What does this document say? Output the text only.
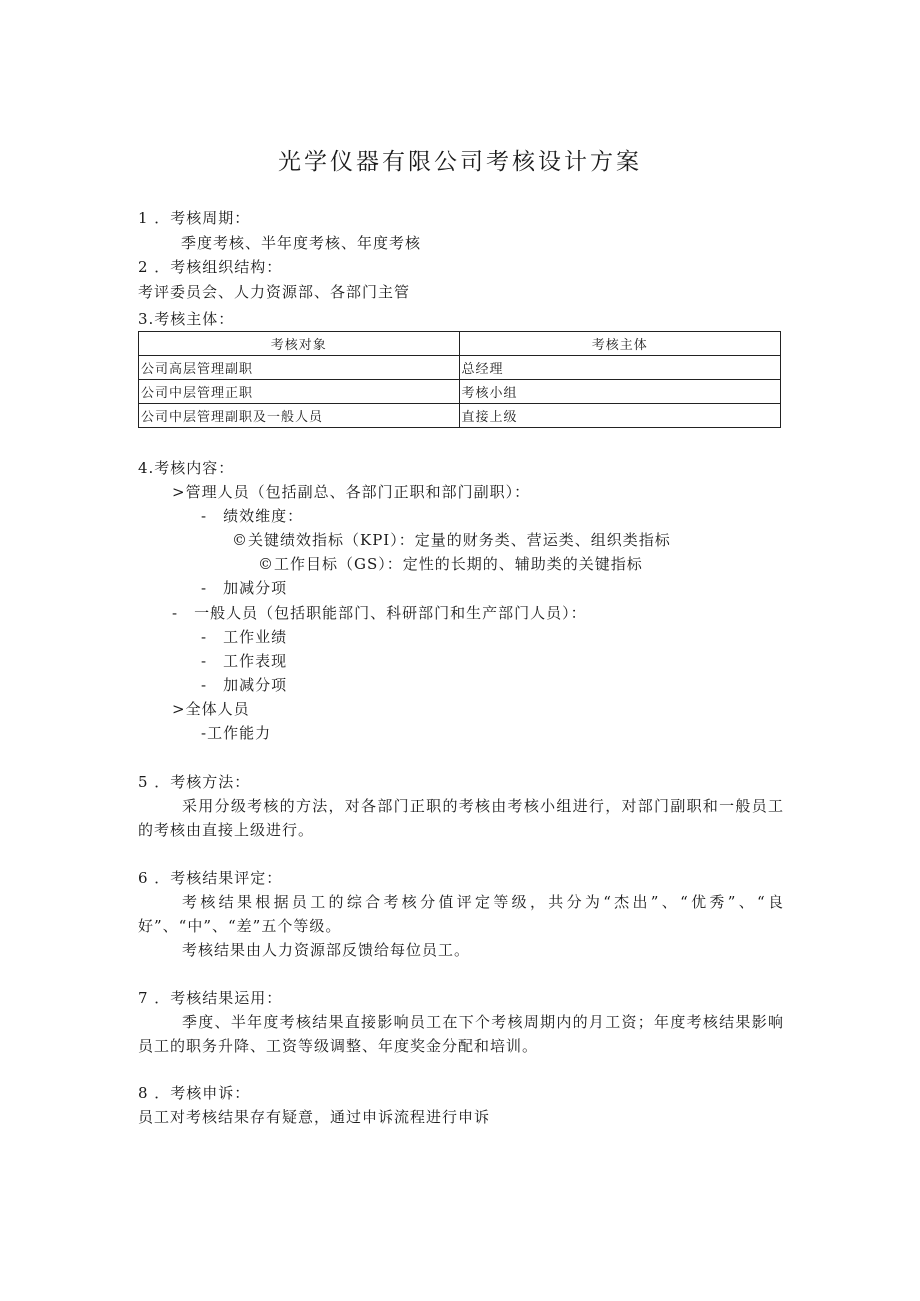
光学仪器有限公司考核设计方案
1 ．考核周期：
季度考核、半年度考核、年度考核
2 ．考核组织结构：
考评委员会、人力资源部、各部门主管
3.考核主体：
考核对象	考核主体
公司高层管理副职	总经理
公司中层管理正职	考核小组
公司中层管理副职及一般人员	直接上级
4.考核内容：
>管理人员（包括副总、各部门正职和部门副职）：
-　绩效维度：
©关键绩效指标（KPI）：定量的财务类、营运类、组织类指标
©工作目标（GS）：定性的长期的、辅助类的关键指标
-　加减分项
-　一般人员（包括职能部门、科研部门和生产部门人员）：
-　工作业绩
-　工作表现
-　加减分项
>全体人员
-工作能力
5 ．考核方法：
采用分级考核的方法，对各部门正职的考核由考核小组进行，对部门副职和一般员工的考核由直接上级进行。
6 ．考核结果评定：
考核结果根据员工的综合考核分值评定等级，共分为“杰出”、“优秀”、“良好”、“中”、“差”五个等级。
考核结果由人力资源部反馈给每位员工。
7 ．考核结果运用：
季度、半年度考核结果直接影响员工在下个考核周期内的月工资；年度考核结果影响员工的职务升降、工资等级调整、年度奖金分配和培训。
8 ．考核申诉：
员工对考核结果存有疑意，通过申诉流程进行申诉
